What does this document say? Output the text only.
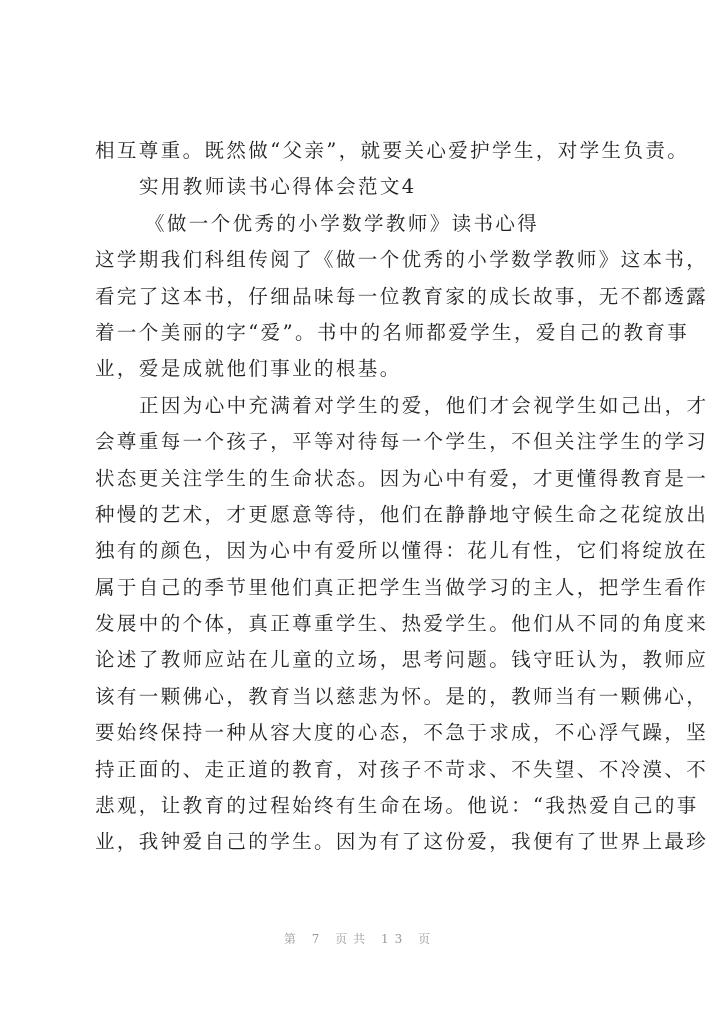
相互尊重。既然做“父亲”，就要关心爱护学生，对学生负责。
实用教师读书心得体会范文4
《做一个优秀的小学数学教师》读书心得
这学期我们科组传阅了《做一个优秀的小学数学教师》这本书，
看完了这本书，仔细品味每一位教育家的成长故事，无不都透露
着一个美丽的字“爱”。书中的名师都爱学生，爱自己的教育事
业，爱是成就他们事业的根基。
正因为心中充满着对学生的爱，他们才会视学生如己出，才
会尊重每一个孩子，平等对待每一个学生，不但关注学生的学习
状态更关注学生的生命状态。因为心中有爱，才更懂得教育是一
种慢的艺术，才更愿意等待，他们在静静地守候生命之花绽放出
独有的颜色，因为心中有爱所以懂得：花儿有性，它们将绽放在
属于自己的季节里他们真正把学生当做学习的主人，把学生看作
发展中的个体，真正尊重学生、热爱学生。他们从不同的角度来
论述了教师应站在儿童的立场，思考问题。钱守旺认为，教师应
该有一颗佛心，教育当以慈悲为怀。是的，教师当有一颗佛心，
要始终保持一种从容大度的心态，不急于求成，不心浮气躁，坚
持正面的、走正道的教育，对孩子不苛求、不失望、不冷漠、不
悲观，让教育的过程始终有生命在场。他说：“我热爱自己的事
业，我钟爱自己的学生。因为有了这份爱，我便有了世界上最珍
第 7 页共 13 页
